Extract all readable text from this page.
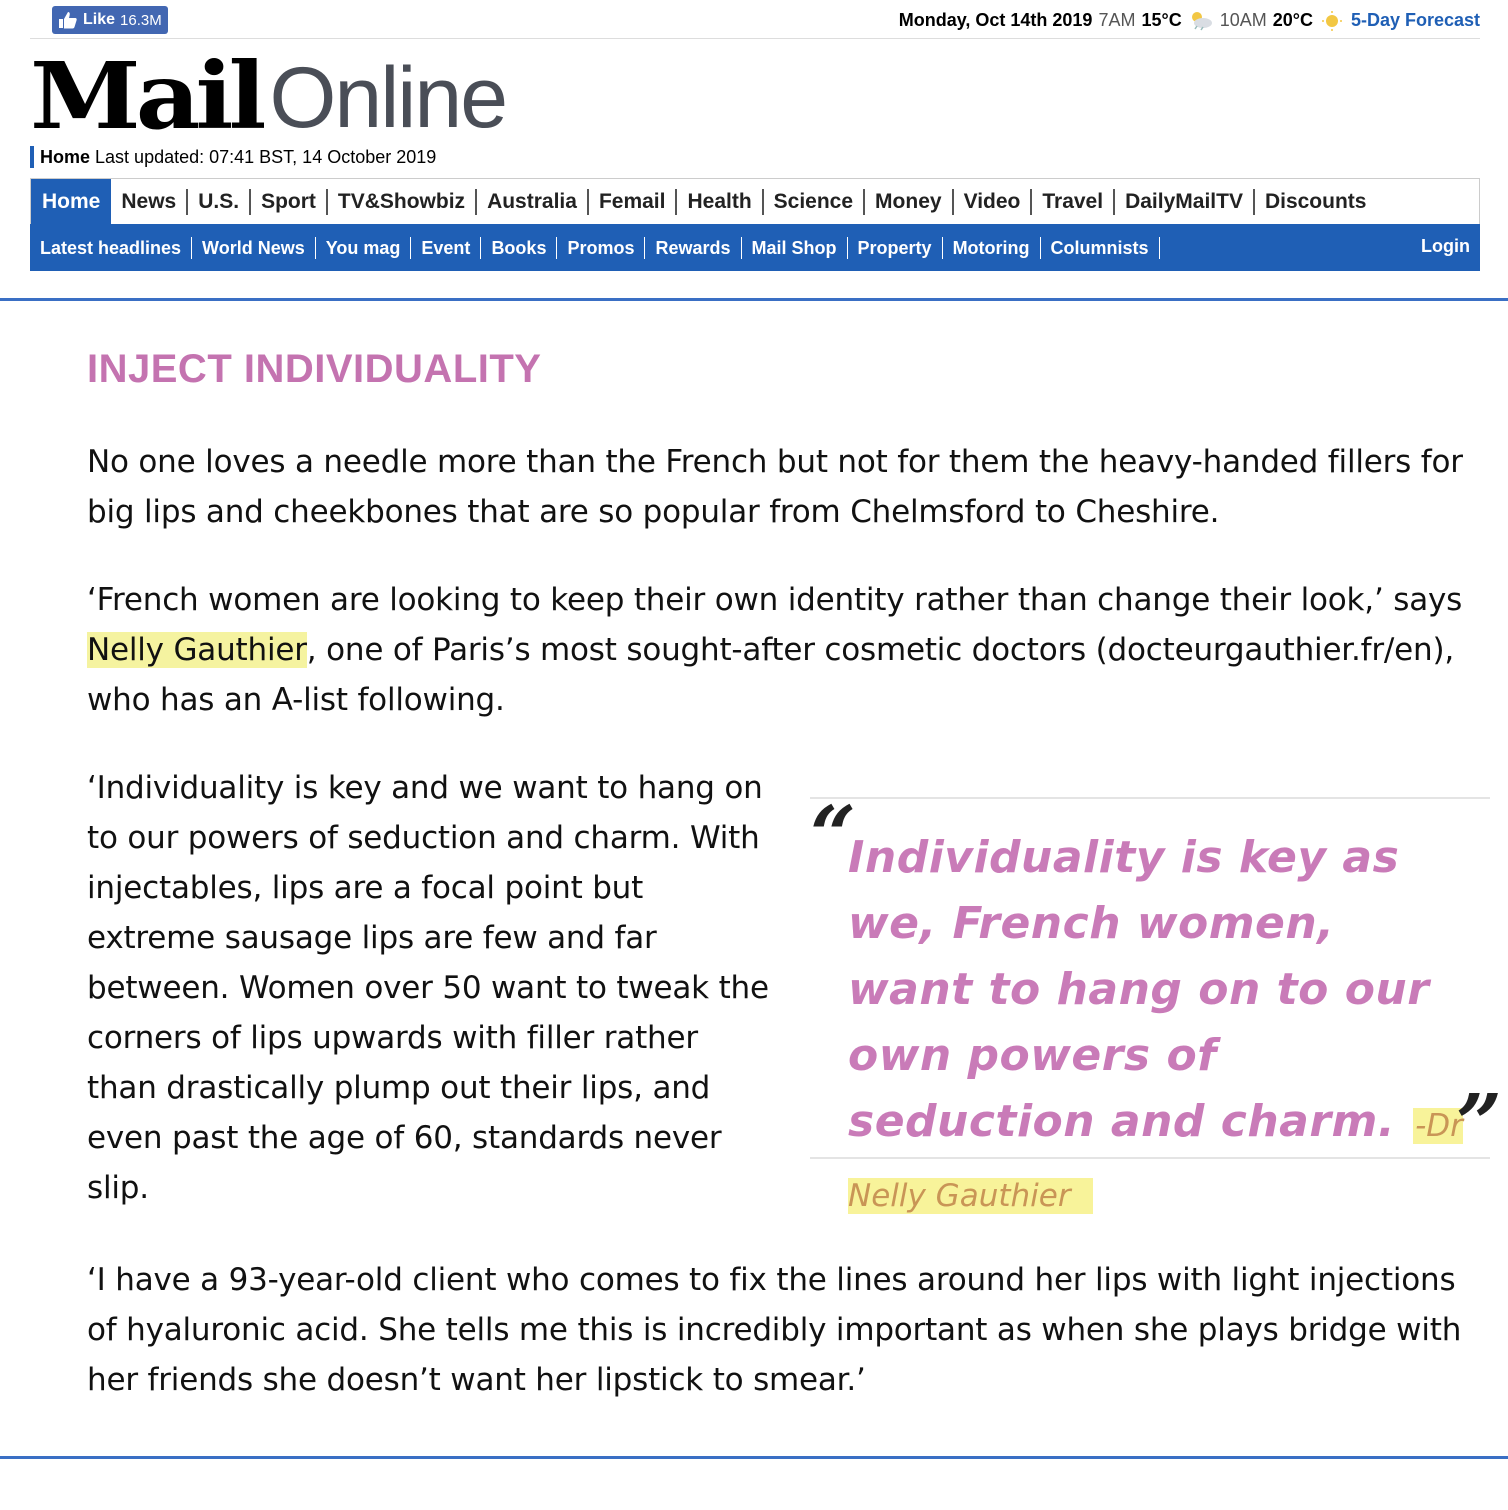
Like 16.3M	Monday, Oct 14th 2019 7AM 15°C 10AM 20°C 5-Day Forecast
Mail Online
Home Last updated: 07:41 BST, 14 October 2019
Home	News	U.S.	Sport	TV&Showbiz	Australia	Femail	Health	Science	Money	Video	Travel	DailyMailTV	Discounts
Latest headlines	World News	You mag	Event	Books	Promos	Rewards	Mail Shop	Property	Motoring	Columnists	Login
INJECT INDIVIDUALITY

No one loves a needle more than the French but not for them the heavy-handed fillers for big lips and cheekbones that are so popular from Chelmsford to Cheshire.

‘French women are looking to keep their own identity rather than change their look,’ says Nelly Gauthier, one of Paris’s most sought-after cosmetic doctors (docteurgauthier.fr/en), who has an A-list following.

‘Individuality is key and we want to hang on to our powers of seduction and charm. With injectables, lips are a focal point but extreme sausage lips are few and far between. Women over 50 want to tweak the corners of lips upwards with filler rather than drastically plump out their lips, and even past the age of 60, standards never slip.

“
Individuality is key as we, French women, want to hang on to our own powers of seduction and charm. -Dr Nelly Gauthier
”

‘I have a 93-year-old client who comes to fix the lines around her lips with light injections of hyaluronic acid. She tells me this is incredibly important as when she plays bridge with her friends she doesn’t want her lipstick to smear.’
